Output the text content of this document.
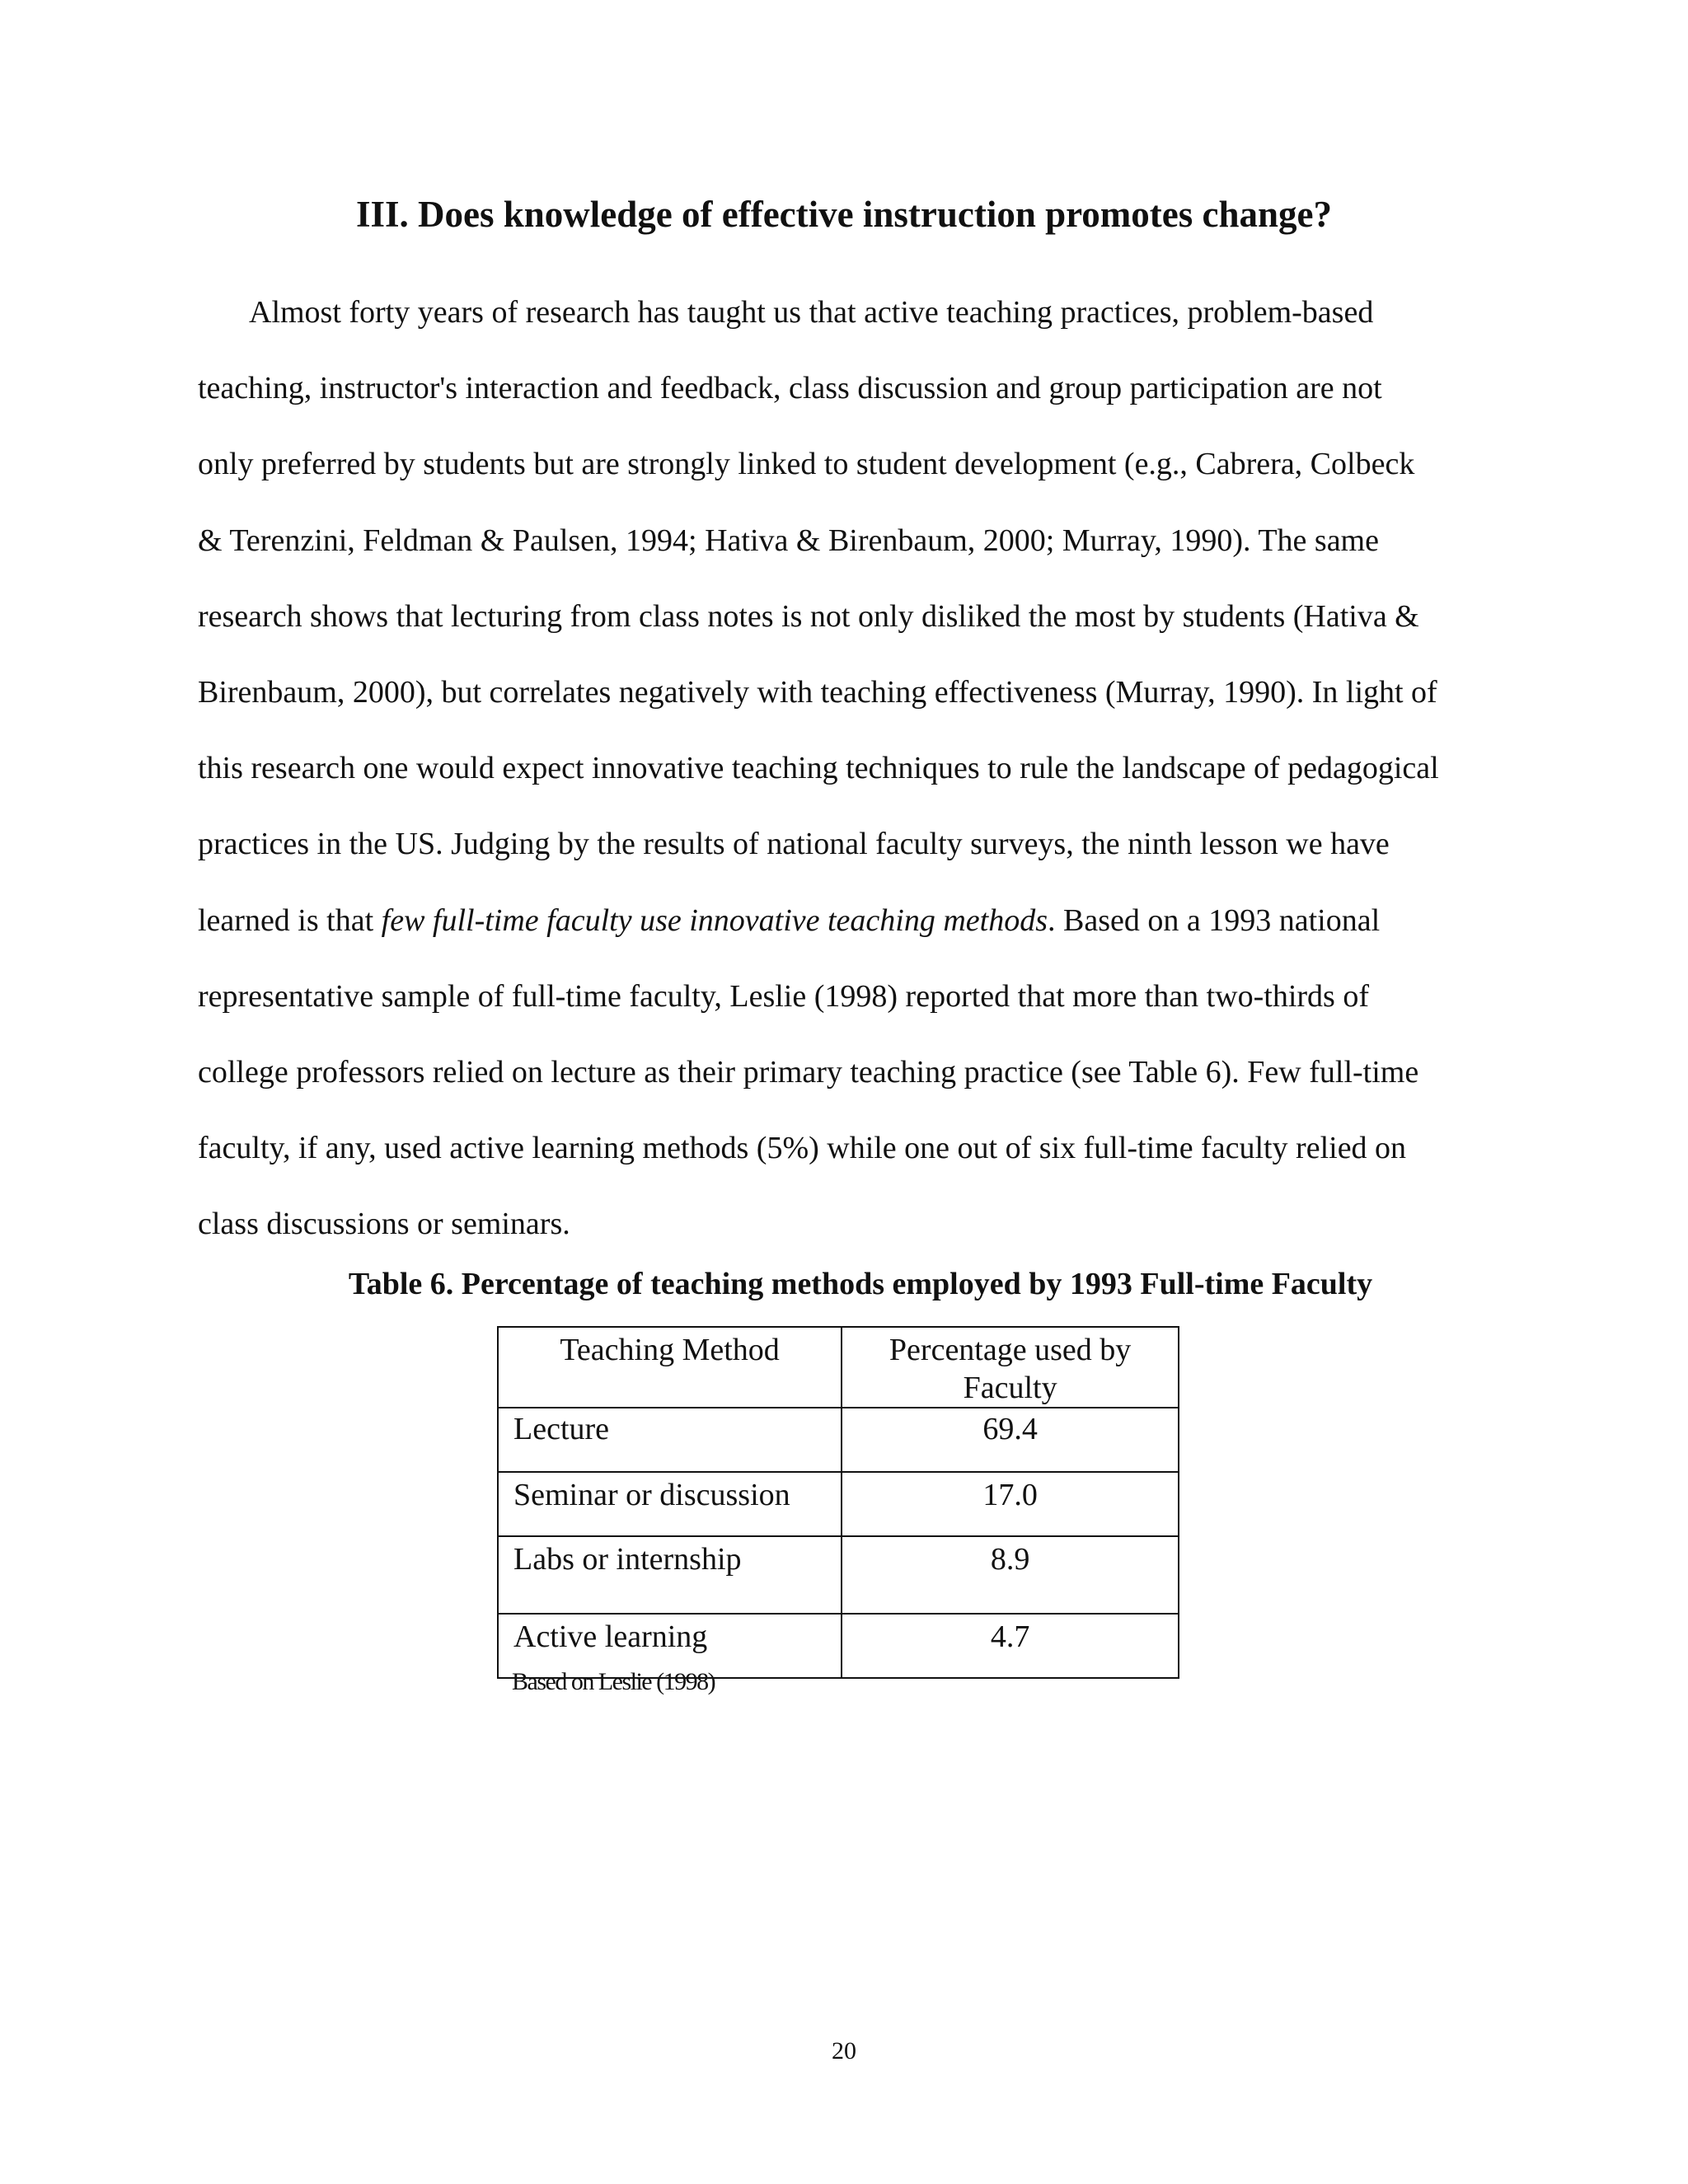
III. Does knowledge of effective instruction promotes change?
Almost forty years of research has taught us that active teaching practices, problem-based
teaching, instructor's interaction and feedback, class discussion and group participation are not
only preferred by students but are strongly linked to student development (e.g., Cabrera, Colbeck
& Terenzini, Feldman & Paulsen, 1994; Hativa & Birenbaum, 2000; Murray, 1990). The same
research shows that lecturing from class notes is not only disliked the most by students (Hativa &
Birenbaum, 2000), but correlates negatively with teaching effectiveness (Murray, 1990). In light of
this research one would expect innovative teaching techniques to rule the landscape of pedagogical
practices in the US. Judging by the results of national faculty surveys, the ninth lesson we have
learned is that few full-time faculty use innovative teaching methods. Based on a 1993 national
representative sample of full-time faculty, Leslie (1998) reported that more than two-thirds of
college professors relied on lecture as their primary teaching practice (see Table 6). Few full-time
faculty, if any, used active learning methods (5%) while one out of six full-time faculty relied on
class discussions or seminars.

Table 6. Percentage of teaching methods employed by 1993 Full-time Faculty

Teaching Method	Percentage used by Faculty
Lecture	69.4
Seminar or discussion	17.0
Labs or internship	8.9
Active learning	4.7

Based on Leslie (1998)

20
